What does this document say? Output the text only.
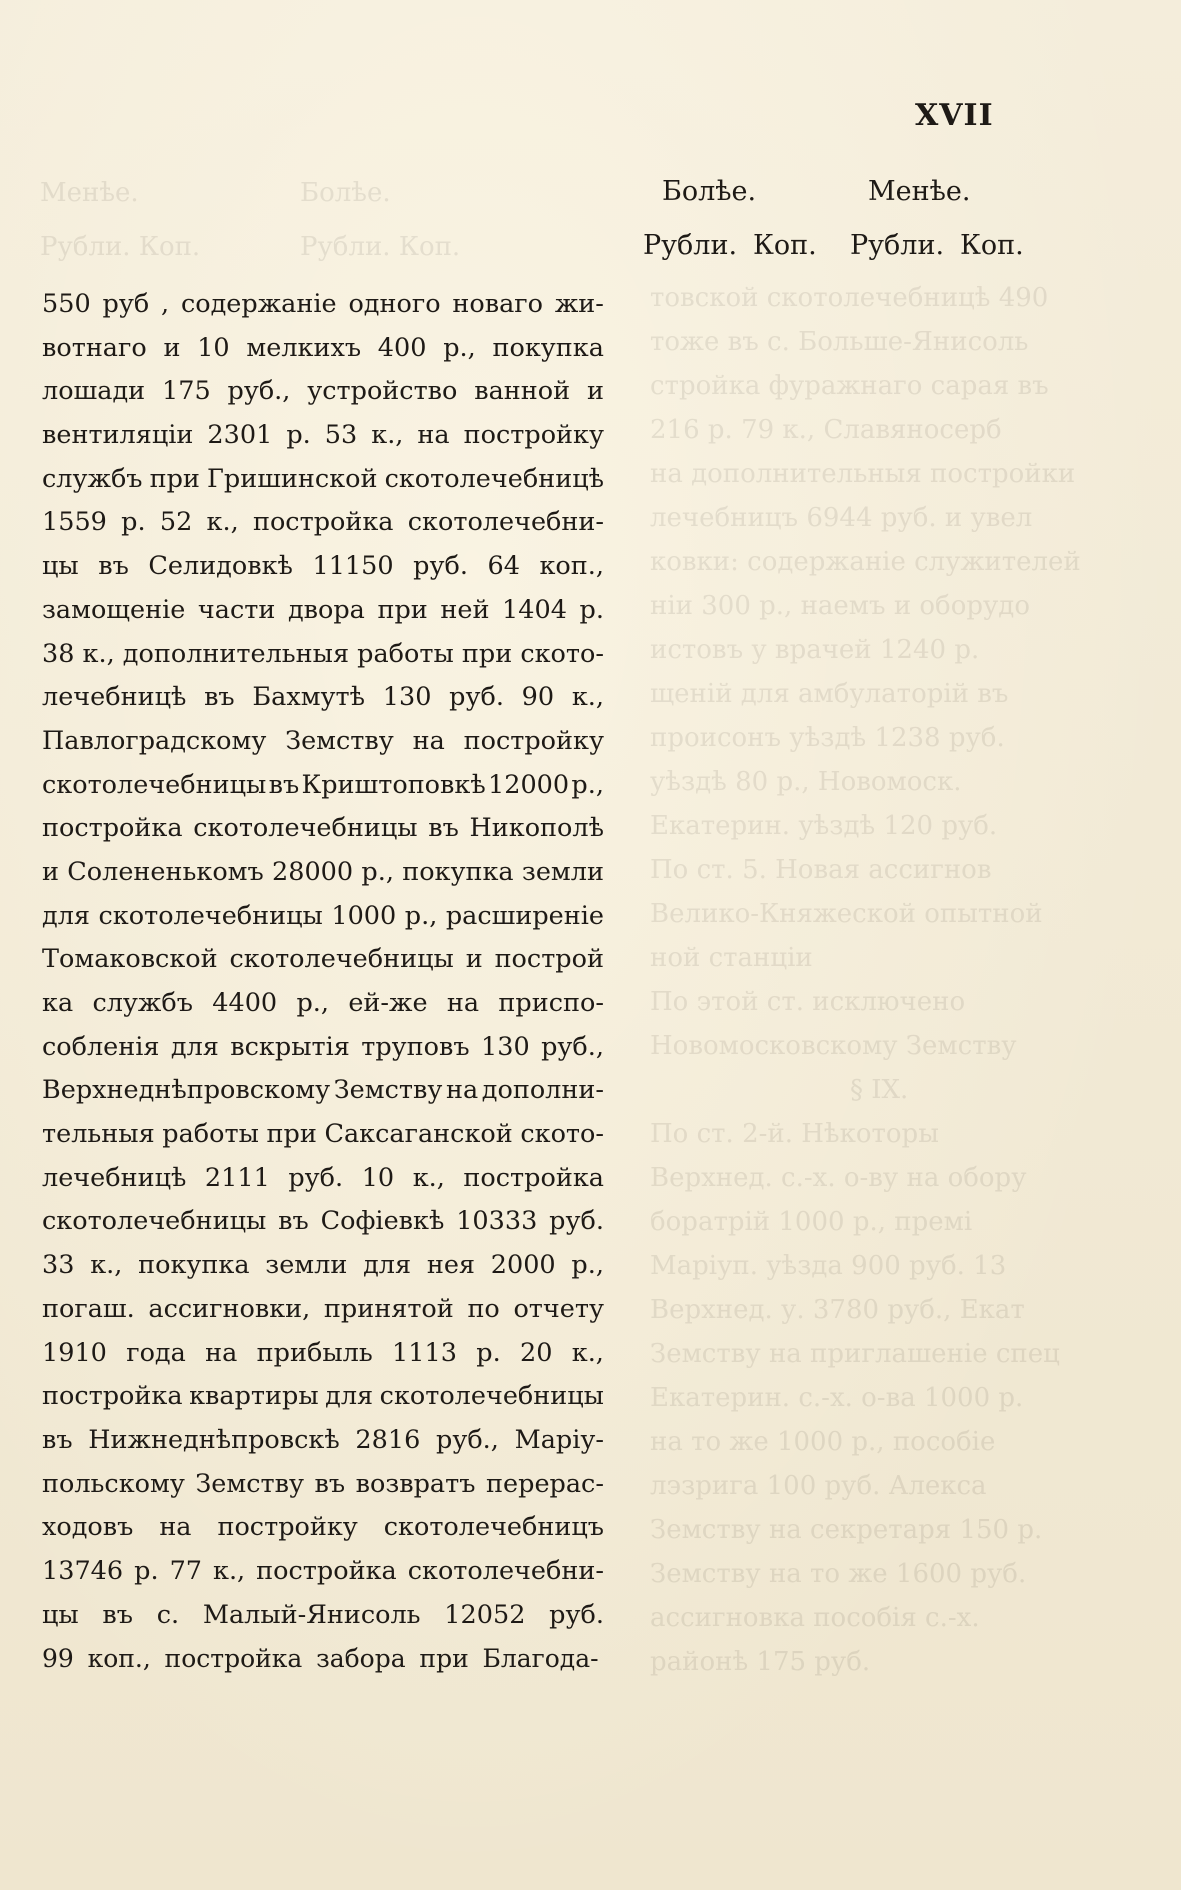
Болѣе.
Менѣе.
Рубли. Коп.	Рубли. Коп.
товской скотолечебницѣ 490
тоже въ с. Больше-Янисоль
стройка фуражнаго сарая въ
216 р. 79 к., Славяносерб
на дополнительныя постройки
лечебницъ 6944 руб. и увел
ковки: содержаніе служителей
ніи 300 р., наемъ и оборудо
истовъ у врачей 1240 р.
щеній для амбулаторій въ
происонъ уѣздѣ 1238 руб.
уѣздѣ 80 р., Новомоск.
Екатерин. уѣздѣ 120 руб.
По ст. 5. Новая ассигнов
Велико-Княжеской опытной
ной станціи
По этой ст. исключено
Новомосковскому Земству
§ IX.
По ст. 2-й. Нѣкоторы
Верхнед. с.-х. о-ву на обору
боратрій 1000 р., премі
Маріуп. уѣзда 900 руб. 13
Верхнед. у. 3780 руб., Екат
Земству на приглашеніе спец
Екатерин. с.-х. о-ва 1000 р.
на то же 1000 р., пособіе
лэзрига 100 руб. Алекса
Земству на секретаря 150 р.
Земству на то же 1600 руб.
ассигновка пособія с.-х.
районѣ 175 руб.
XVII
Болѣе.	Менѣе.
Рубли. Коп. Рубли. Коп.
550 руб , содержаніе одного новаго жи-
вотнаго и 10 мелкихъ 400 р., покупка
лошади 175 руб., устройство ванной и
вентиляціи 2301 р. 53 к., на постройку
службъ при Гришинской скотолечебницѣ
1559 р. 52 к., постройка скотолечебни-
цы въ Селидовкѣ 11150 руб. 64 коп.,
замощеніе части двора при ней 1404 р.
38 к., дополнительныя работы при ското-
лечебницѣ въ Бахмутѣ 130 руб. 90 к.,
Павлоградскому Земству на постройку
скотолечебницы въ Криштоповкѣ 12000 р.,
постройка скотолечебницы въ Никополѣ
и Солененькомъ 28000 р., покупка земли
для скотолечебницы 1000 р., расширеніе
Томаковской скотолечебницы и построй
ка службъ 4400 р., ей-же на приспо-
собленія для вскрытія труповъ 130 руб.,
Верхнеднѣпровскому Земству на дополни-
тельныя работы при Саксаганской ското-
лечебницѣ 2111 руб. 10 к., постройка
скотолечебницы въ Софіевкѣ 10333 руб.
33 к., покупка земли для нея 2000 р.,
погаш. ассигновки, принятой по отчету
1910 года на прибыль 1113 р. 20 к.,
постройка квартиры для скотолечебницы
въ Нижнеднѣпровскѣ 2816 руб., Маріу-
польскому Земству въ возвратъ перерас-
ходовъ на постройку скотолечебницъ
13746 р. 77 к., постройка скотолечебни-
цы въ с. Малый-Янисоль 12052 руб.
99 коп., постройка забора при Благода-
